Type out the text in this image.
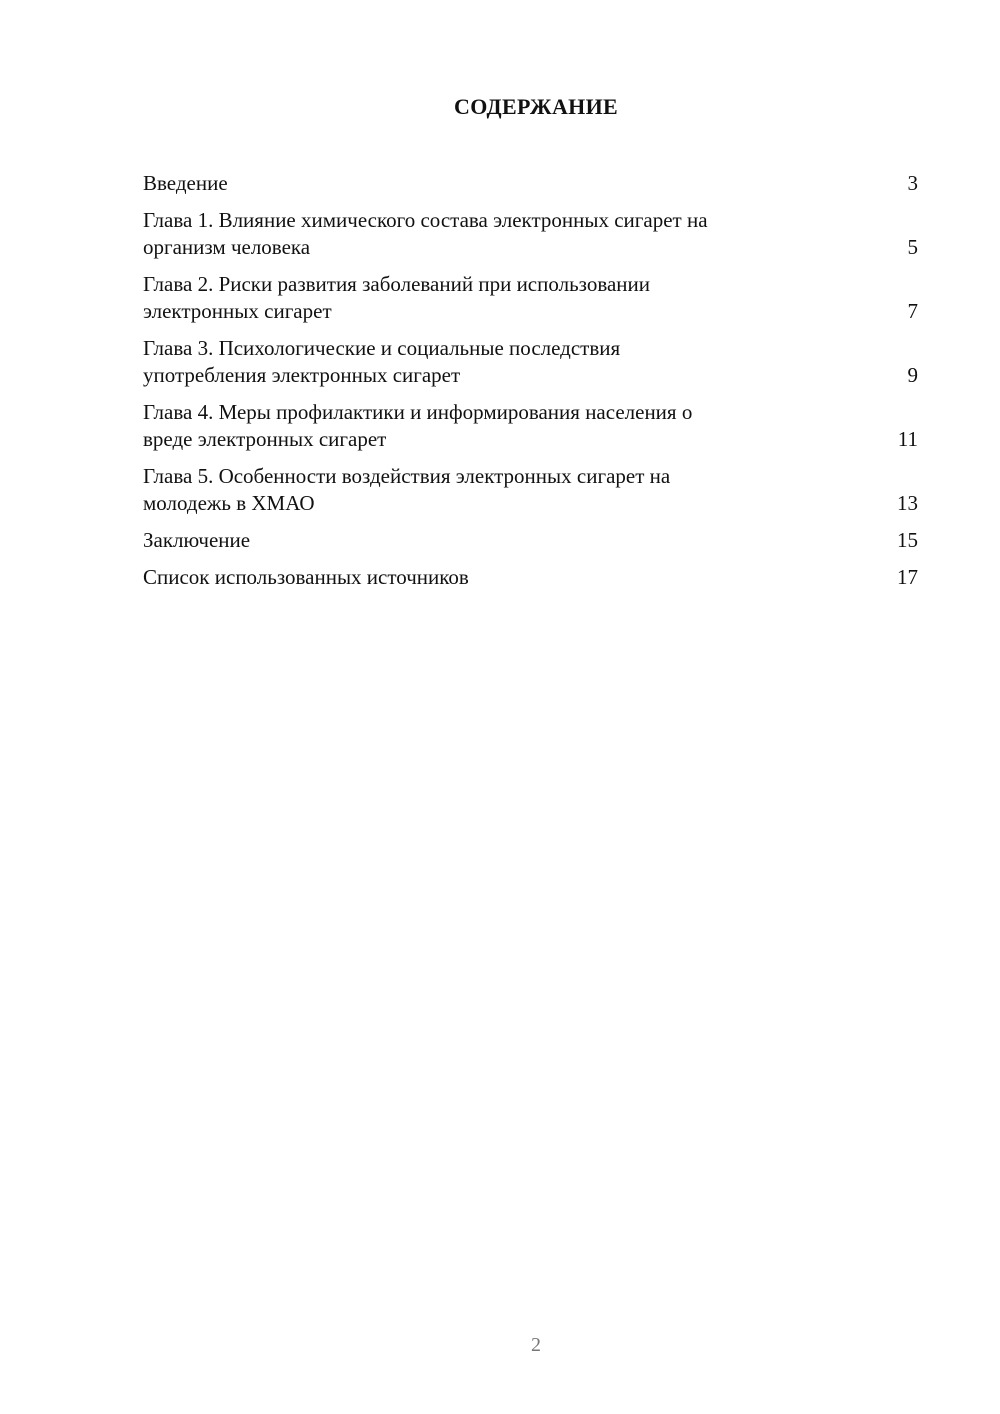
СОДЕРЖАНИЕ
Введение	3
Глава 1. Влияние химического состава электронных сигарет на
организм человека	5
Глава 2. Риски развития заболеваний при использовании
электронных сигарет	7
Глава 3. Психологические и социальные последствия
употребления электронных сигарет	9
Глава 4. Меры профилактики и информирования населения о
вреде электронных сигарет	11
Глава 5. Особенности воздействия электронных сигарет на
молодежь в ХМАО	13
Заключение	15
Список использованных источников	17
2
